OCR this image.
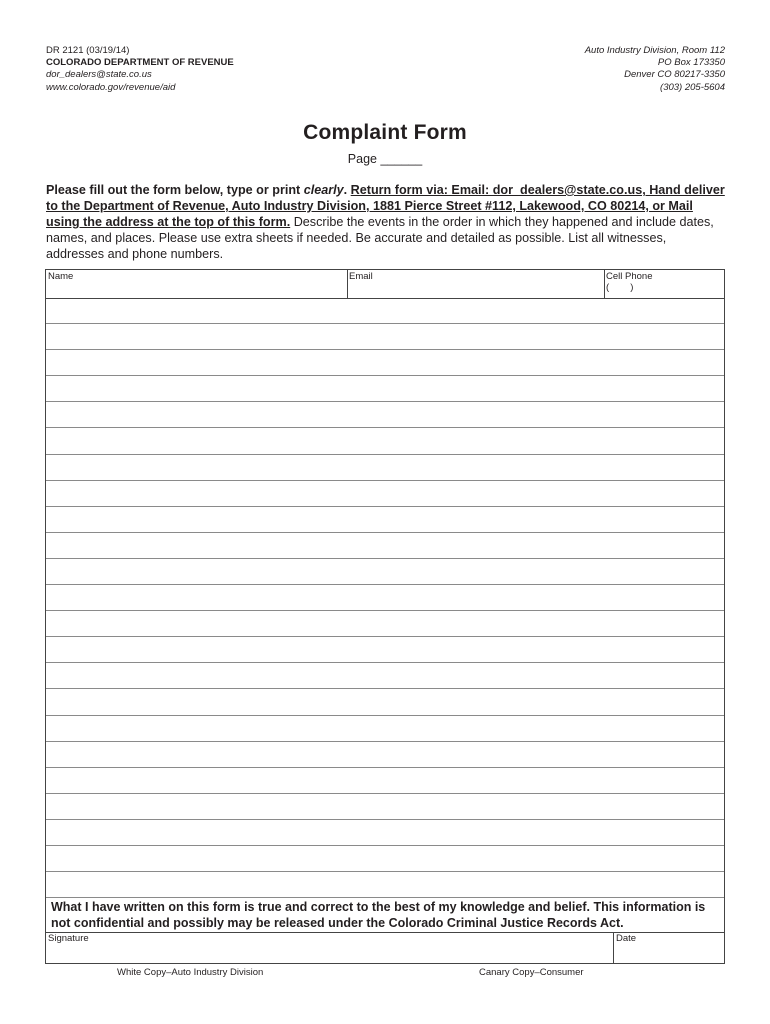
DR 2121 (03/19/14)
COLORADO DEPARTMENT OF REVENUE
dor_dealers@state.co.us
www.colorado.gov/revenue/aid
Auto Industry Division, Room 112
PO Box 173350
Denver CO 80217-3350
(303) 205-5604
Complaint Form
Page ______
Please fill out the form below, type or print clearly. Return form via: Email: dor_dealers@state.co.us, Hand deliver to the Department of Revenue, Auto Industry Division, 1881 Pierce Street #112, Lakewood, CO 80214, or Mail using the address at the top of this form. Describe the events in the order in which they happened and include dates, names, and places. Please use extra sheets if needed. Be accurate and detailed as possible. List all witnesses, addresses and phone numbers.
Name	Email	Cell Phone
(        )
What I have written on this form is true and correct to the best of my knowledge and belief. This information is not confidential and possibly may be released under the Colorado Criminal Justice Records Act.
Signature	Date
White Copy–Auto Industry Division	Canary Copy–Consumer
